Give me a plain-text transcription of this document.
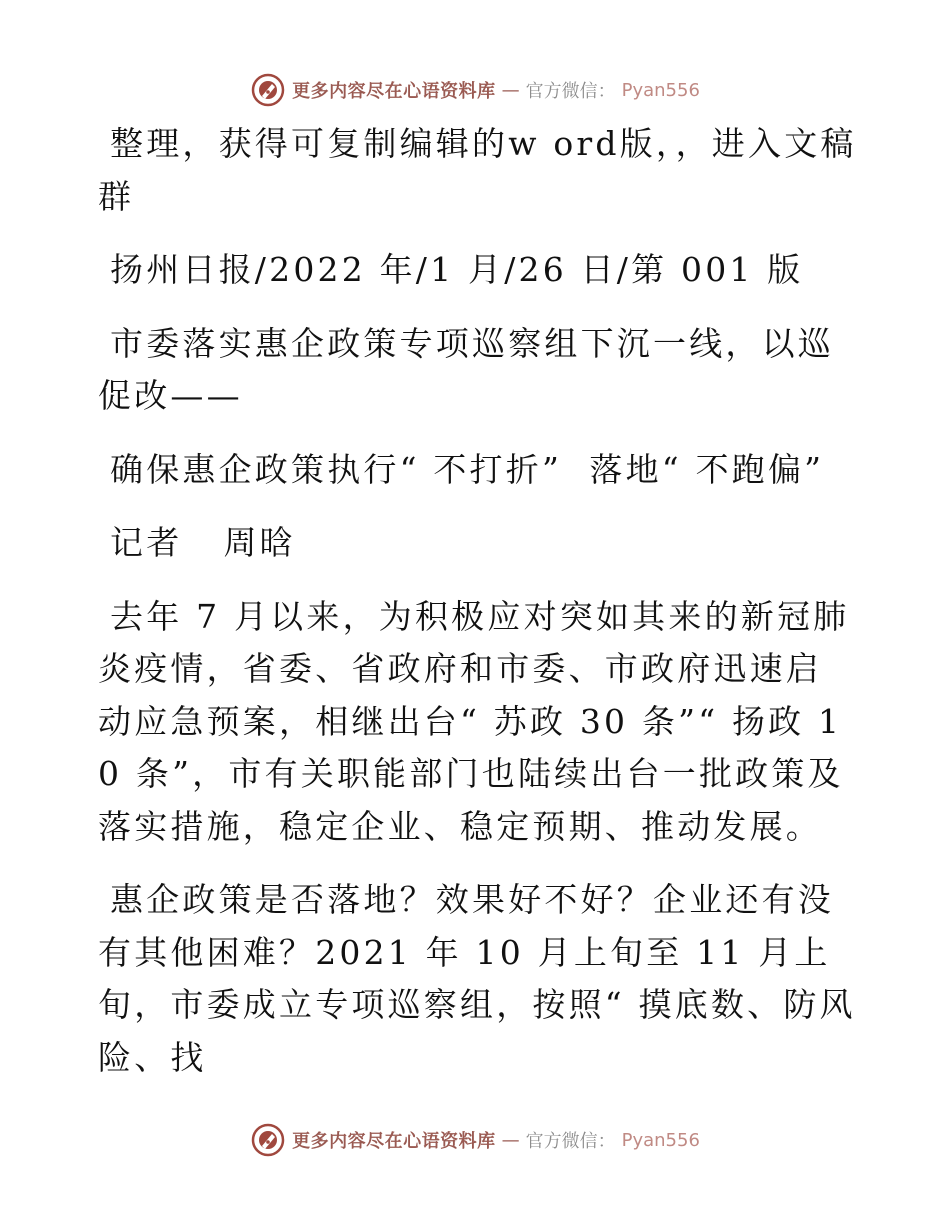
更多内容尽在心语资料库 — 官方微信： Pyan556

整理，获得可复制编辑的w ord版，，进入文稿群

扬州日报/2022 年/1 月/26 日/第 001 版

市委落实惠企政策专项巡察组下沉一线，以巡促改——

确保惠企政策执行“ 不打折”  落地“ 不跑偏”

记者   周晗

去年 7 月以来，为积极应对突如其来的新冠肺炎疫情，省委、省政府和市委、市政府迅速启动应急预案，相继出台“ 苏政 30 条”“ 扬政 10 条”，市有关职能部门也陆续出台一批政策及落实措施，稳定企业、稳定预期、推动发展。

惠企政策是否落地？效果好不好？企业还有没有其他困难？2021 年 10 月上旬至 11 月上旬，市委成立专项巡察组，按照“ 摸底数、防风险、找

更多内容尽在心语资料库 — 官方微信： Pyan556
